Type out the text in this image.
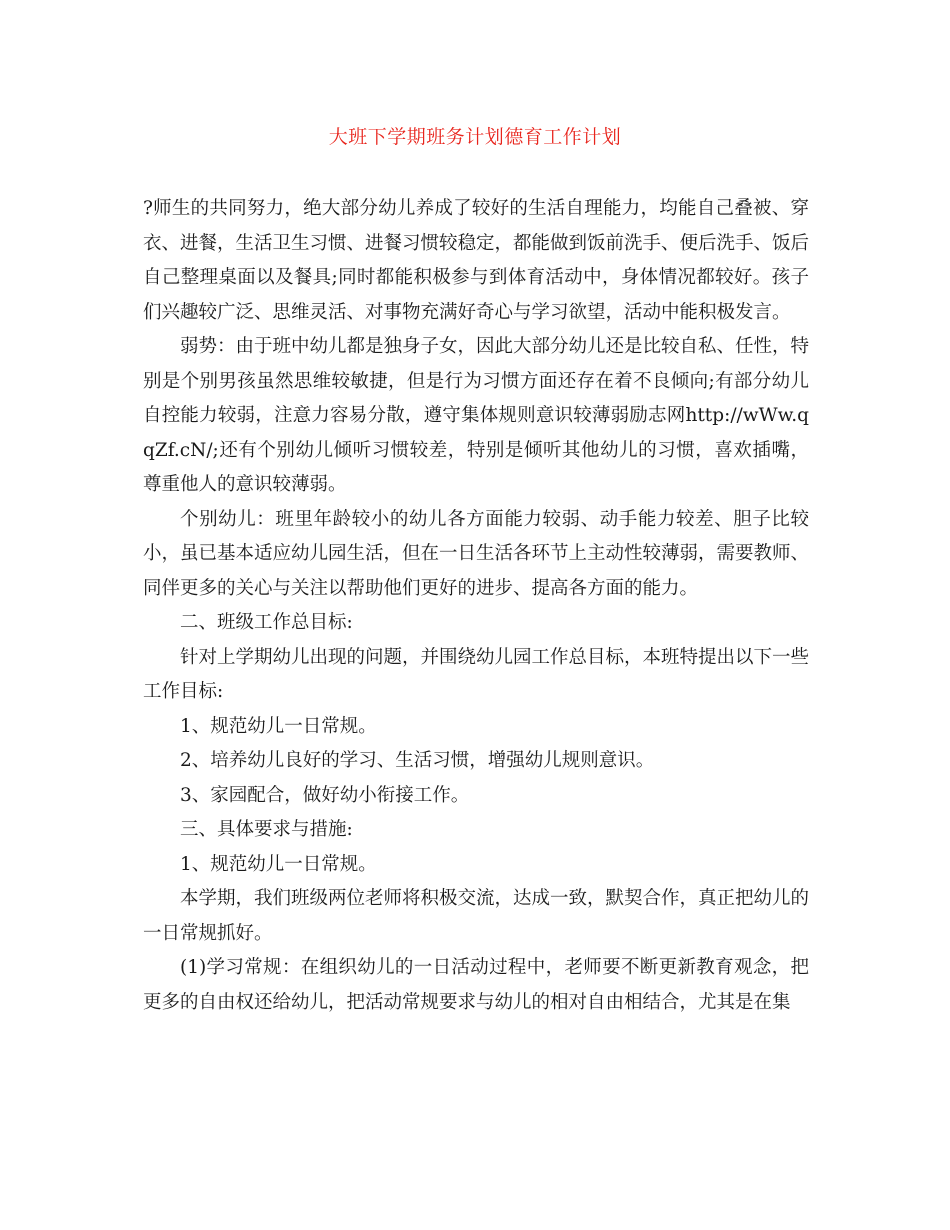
大班下学期班务计划德育工作计划

?师生的共同努力，绝大部分幼儿养成了较好的生活自理能力，均能自己叠被、穿衣、进餐，生活卫生习惯、进餐习惯较稳定，都能做到饭前洗手、便后洗手、饭后自己整理桌面以及餐具;同时都能积极参与到体育活动中，身体情况都较好。孩子们兴趣较广泛、思维灵活、对事物充满好奇心与学习欲望，活动中能积极发言。

弱势：由于班中幼儿都是独身子女，因此大部分幼儿还是比较自私、任性，特别是个别男孩虽然思维较敏捷，但是行为习惯方面还存在着不良倾向;有部分幼儿自控能力较弱，注意力容易分散，遵守集体规则意识较薄弱励志网http://wWw.qqZf.cN/;还有个别幼儿倾听习惯较差，特别是倾听其他幼儿的习惯，喜欢插嘴，尊重他人的意识较薄弱。

个别幼儿：班里年龄较小的幼儿各方面能力较弱、动手能力较差、胆子比较小，虽已基本适应幼儿园生活，但在一日生活各环节上主动性较薄弱，需要教师、同伴更多的关心与关注以帮助他们更好的进步、提高各方面的能力。

二、班级工作总目标:

针对上学期幼儿出现的问题，并围绕幼儿园工作总目标，本班特提出以下一些工作目标:

1、规范幼儿一日常规。

2、培养幼儿良好的学习、生活习惯，增强幼儿规则意识。

3、家园配合，做好幼小衔接工作。

三、具体要求与措施:

1、规范幼儿一日常规。

本学期，我们班级两位老师将积极交流，达成一致，默契合作，真正把幼儿的一日常规抓好。

(1)学习常规：在组织幼儿的一日活动过程中，老师要不断更新教育观念，把更多的自由权还给幼儿，把活动常规要求与幼儿的相对自由相结合，尤其是在集
